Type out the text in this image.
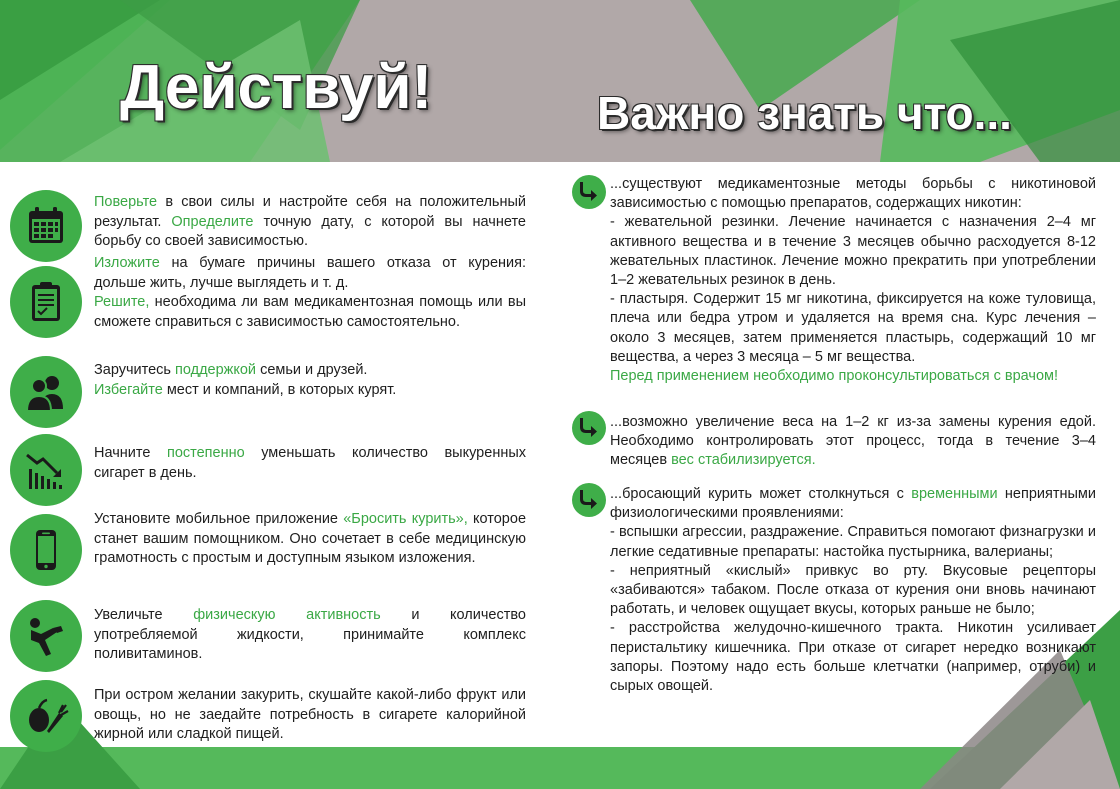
Действуй!	Важно знать что...

Поверьте в свои силы и настройте себя на положительный результат. Определите точную дату, с которой вы начнете борьбу со своей зависимостью.

Изложите на бумаге причины вашего отказа от курения: дольше жить, лучше выглядеть и т. д.
Решите, необходима ли вам медикаментозная помощь или вы сможете справиться с зависимостью самостоятельно.

Заручитесь поддержкой семьи и друзей.
Избегайте мест и компаний, в которых курят.

Начните постепенно уменьшать количество выкуренных сигарет в день.

Установите мобильное приложение «Бросить курить», которое станет вашим помощником. Оно сочетает в себе медицинскую грамотность с простым и доступным языком изложения.

Увеличьте физическую активность и количество употребляемой жидкости, принимайте комплекс поливитаминов.

При остром желании закурить, скушайте какой-либо фрукт или овощь, но не заедайте потребность в сигарете калорийной жирной или сладкой пищей.

...существуют медикаментозные методы борьбы с никотиновой зависимостью с помощью препаратов, содержащих никотин:

- жевательной резинки. Лечение начинается с назначения 2–4 мг активного вещества и в течение 3 месяцев обычно расходуется 8-12 жевательных пластинок. Лечение можно прекратить при употреблении 1–2 жевательных резинок в день.

- пластыря. Содержит 15 мг никотина, фиксируется на коже туловища, плеча или бедра утром и удаляется на время сна. Курс лечения – около 3 месяцев, затем применяется пластырь, содержащий 10 мг вещества, а через 3 месяца – 5 мг вещества.

Перед применением необходимо проконсультироваться с врачом!

...возможно увеличение веса на 1–2 кг из-за замены курения едой. Необходимо контролировать этот процесс, тогда в течение 3–4 месяцев вес стабилизируется.

...бросающий курить может столкнуться с временными неприятными физиологическими проявлениями:

- вспышки агрессии, раздражение. Справиться помогают физнагрузки и легкие седативные препараты: настойка пустырника, валерианы;

- неприятный «кислый» привкус во рту. Вкусовые рецепторы «забиваются» табаком. После отказа от курения они вновь начинают работать, и человек ощущает вкусы, которых раньше не было;

- расстройства желудочно-кишечного тракта. Никотин усиливает перистальтику кишечника. При отказе от сигарет нередко возникают запоры. Поэтому надо есть больше клетчатки (например, отруби) и сырых овощей.
